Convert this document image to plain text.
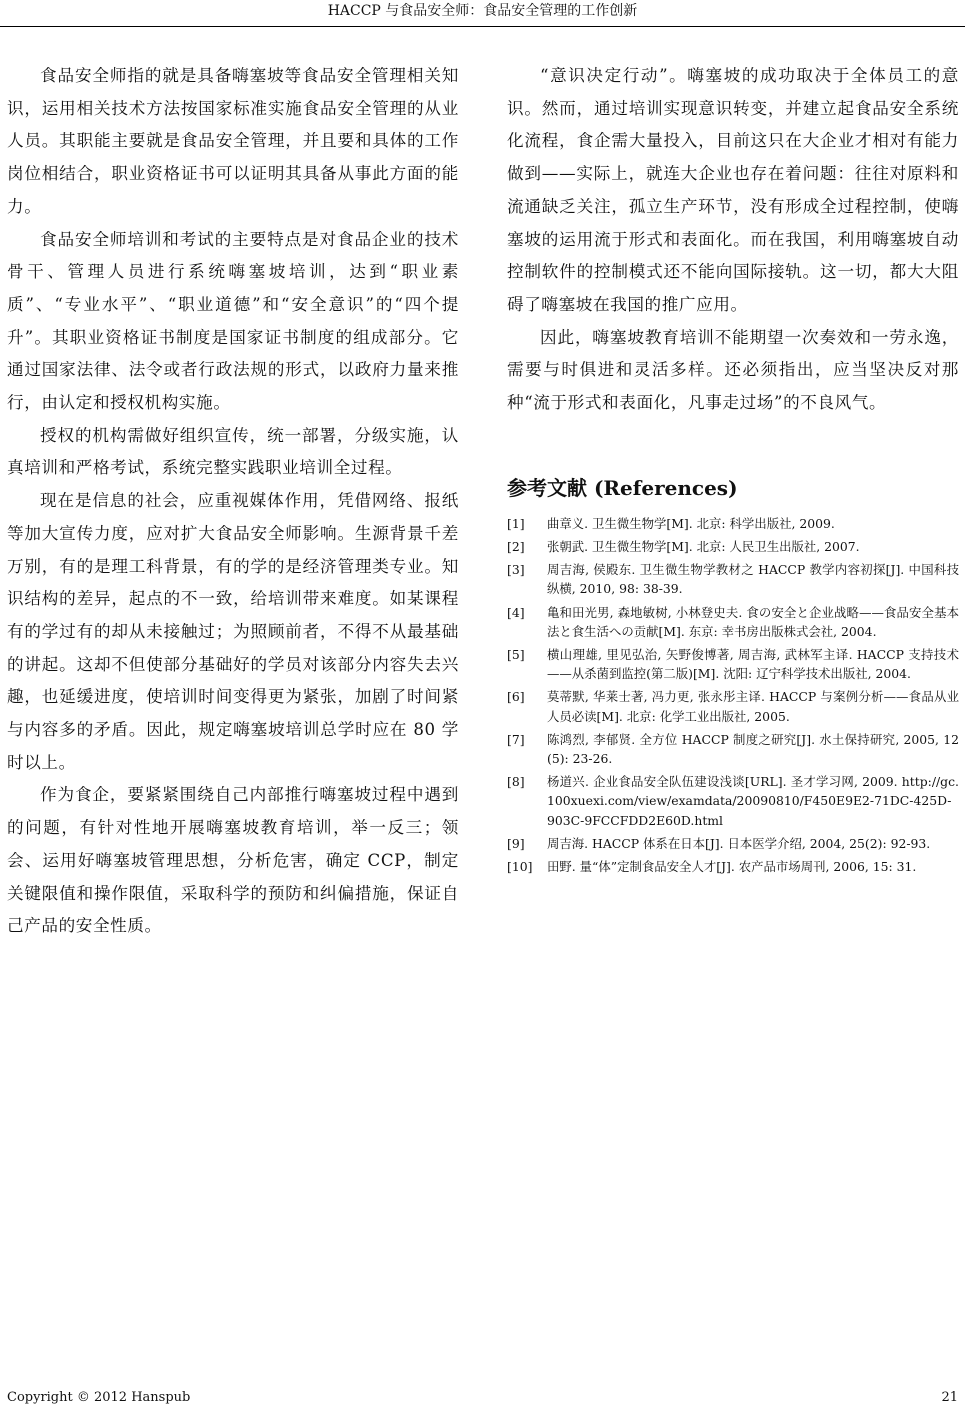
HACCP 与食品安全师：食品安全管理的工作创新

食品安全师指的就是具备嗨塞坡等食品安全管理相关知识，运用相关技术方法按国家标准实施食品安全管理的从业人员。其职能主要就是食品安全管理，并且要和具体的工作岗位相结合，职业资格证书可以证明其具备从事此方面的能力。

食品安全师培训和考试的主要特点是对食品企业的技术骨干、管理人员进行系统嗨塞坡培训，达到“职业素质”、“专业水平”、“职业道德”和“安全意识”的“四个提升”。其职业资格证书制度是国家证书制度的组成部分。它通过国家法律、法令或者行政法规的形式，以政府力量来推行，由认定和授权机构实施。

授权的机构需做好组织宣传，统一部署，分级实施，认真培训和严格考试，系统完整实践职业培训全过程。

现在是信息的社会，应重视媒体作用，凭借网络、报纸等加大宣传力度，应对扩大食品安全师影响。生源背景千差万别，有的是理工科背景，有的学的是经济管理类专业。知识结构的差异，起点的不一致，给培训带来难度。如某课程有的学过有的却从未接触过；为照顾前者，不得不从最基础的讲起。这却不但使部分基础好的学员对该部分内容失去兴趣，也延缓进度，使培训时间变得更为紧张，加剧了时间紧与内容多的矛盾。因此，规定嗨塞坡培训总学时应在 80 学时以上。

作为食企，要紧紧围绕自己内部推行嗨塞坡过程中遇到的问题，有针对性地开展嗨塞坡教育培训，举一反三；领会、运用好嗨塞坡管理思想，分析危害，确定 CCP，制定关键限值和操作限值，采取科学的预防和纠偏措施，保证自己产品的安全性质。

“意识决定行动”。嗨塞坡的成功取决于全体员工的意识。然而，通过培训实现意识转变，并建立起食品安全系统化流程，食企需大量投入，目前这只在大企业才相对有能力做到——实际上，就连大企业也存在着问题：往往对原料和流通缺乏关注，孤立生产环节，没有形成全过程控制，使嗨塞坡的运用流于形式和表面化。而在我国，利用嗨塞坡自动控制软件的控制模式还不能向国际接轨。这一切，都大大阻碍了嗨塞坡在我国的推广应用。

因此，嗨塞坡教育培训不能期望一次奏效和一劳永逸，需要与时俱进和灵活多样。还必须指出，应当坚决反对那种“流于形式和表面化，凡事走过场”的不良风气。

参考文献 (References)
[1]	曲章义. 卫生微生物学[M]. 北京: 科学出版社, 2009.
[2]	张朝武. 卫生微生物学[M]. 北京: 人民卫生出版社, 2007.
[3]	周吉海, 侯殿东. 卫生微生物学教材之 HACCP 教学内容初探[J]. 中国科技纵横, 2010, 98: 38-39.
[4]	亀和田光男, 森地敏树, 小林登史夫. 食の安全と企业战略——食品安全基本法と食生活への贡献[M]. 东京: 幸书房出版株式会社, 2004.
[5]	横山理雄, 里见弘治, 矢野俊博著, 周吉海, 武林军主译. HACCP 支持技术——从杀菌到监控(第二版)[M]. 沈阳: 辽宁科学技术出版社, 2004.
[6]	莫蒂默, 华莱士著, 冯力更, 张永彤主译. HACCP 与案例分析——食品从业人员必读[M]. 北京: 化学工业出版社, 2005.
[7]	陈鸿烈, 李郁贤. 全方位 HACCP 制度之研究[J]. 水土保持研究, 2005, 12(5): 23-26.
[8]	杨道兴. 企业食品安全队伍建设浅谈[URL]. 圣才学习网, 2009. http://gc.100xuexi.com/view/examdata/20090810/F450E9E2-71DC-425D-903C-9FCCFDD2E60D.html
[9]	周吉海. HACCP 体系在日本[J]. 日本医学介绍, 2004, 25(2): 92-93.
[10]	田野. 量“体”定制食品安全人才[J]. 农产品市场周刊, 2006, 15: 31.
Copyright © 2012 Hanspub	21
